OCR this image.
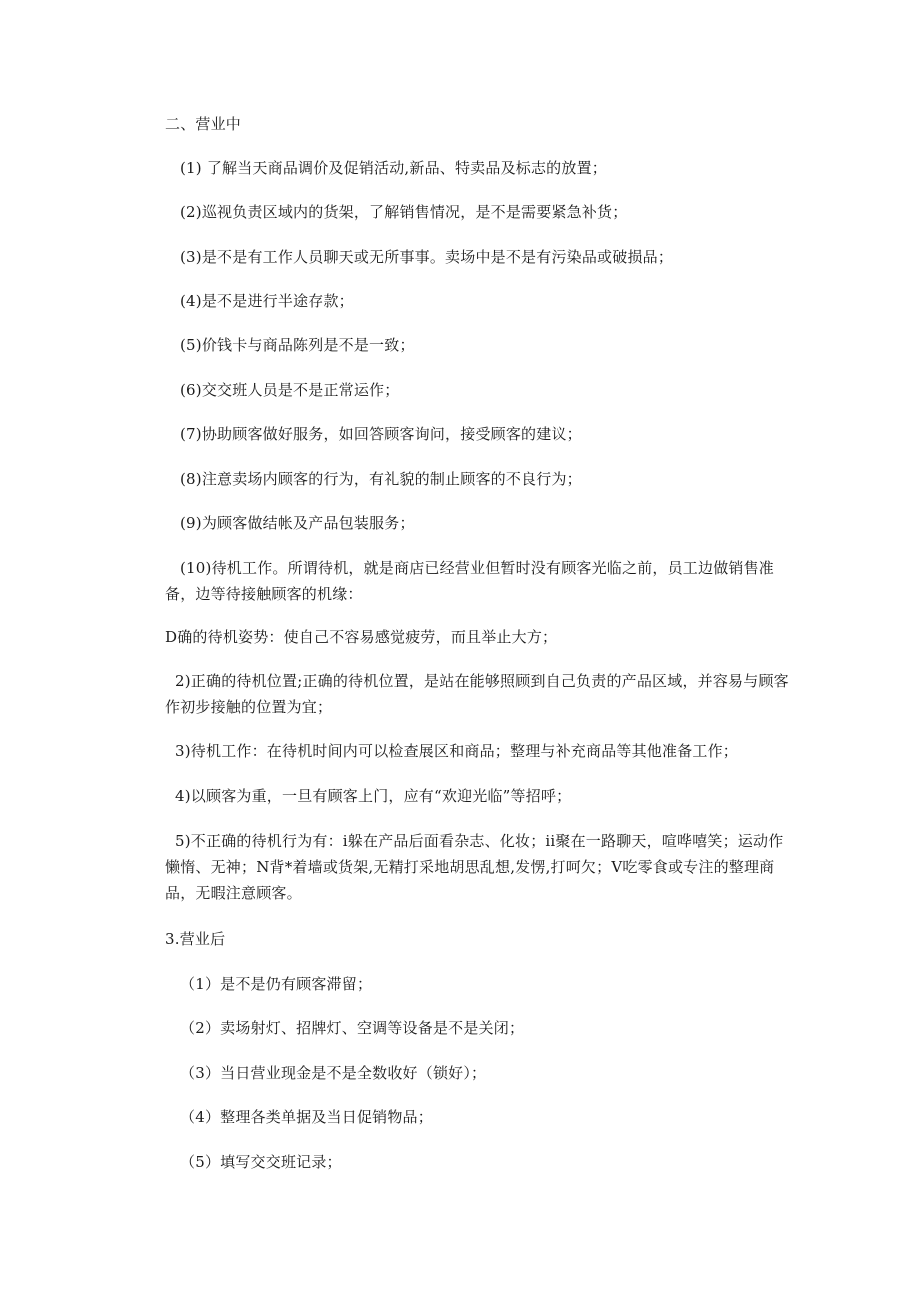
二、营业中

(1) 了解当天商品调价及促销活动,新品、特卖品及标志的放置；

(2)巡视负责区域内的货架，了解销售情况，是不是需要紧急补货；

(3)是不是有工作人员聊天或无所事事。卖场中是不是有污染品或破损品；

(4)是不是进行半途存款；

(5)价钱卡与商品陈列是不是一致；

(6)交交班人员是不是正常运作；

(7)协助顾客做好服务，如回答顾客询问，接受顾客的建议；

(8)注意卖场内顾客的行为，有礼貌的制止顾客的不良行为；

(9)为顾客做结帐及产品包装服务；

(10)待机工作。所谓待机，就是商店已经营业但暂时没有顾客光临之前，员工边做销售准备，边等待接触顾客的机缘：

D确的待机姿势：使自己不容易感觉疲劳，而且举止大方；

2)正确的待机位置;正确的待机位置，是站在能够照顾到自己负责的产品区域，并容易与顾客作初步接触的位置为宜；

3)待机工作：在待机时间内可以检查展区和商品；整理与补充商品等其他准备工作；

4)以顾客为重，一旦有顾客上门，应有“欢迎光临”等招呼；

5)不正确的待机行为有：i躲在产品后面看杂志、化妆；ii聚在一路聊天，喧哗嘻笑；运动作懒惰、无神；N背*着墙或货架,无精打采地胡思乱想,发愣,打呵欠；V吃零食或专注的整理商品，无暇注意顾客。

3.营业后

（1）是不是仍有顾客滞留；

（2）卖场射灯、招牌灯、空调等设备是不是关闭；

（3）当日营业现金是不是全数收好（锁好）；

（4）整理各类单据及当日促销物品；

（5）填写交交班记录；
